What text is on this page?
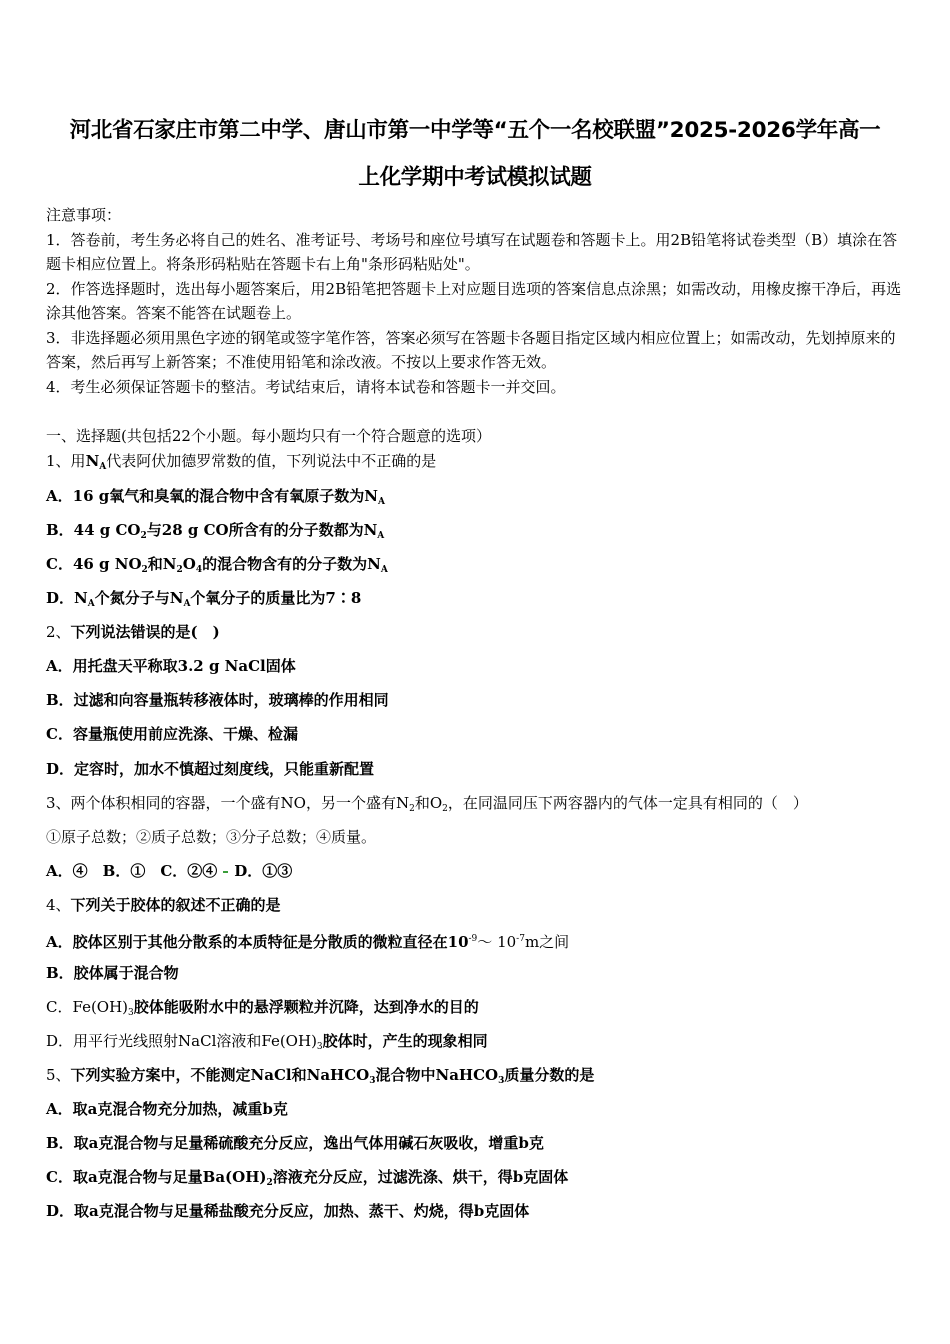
河北省石家庄市第二中学、唐山市第一中学等“五个一名校联盟”2025-2026学年高一
上化学期中考试模拟试题

注意事项：

1．答卷前，考生务必将自己的姓名、准考证号、考场号和座位号填写在试题卷和答题卡上。用2B铅笔将试卷类型（B）填涂在答题卡相应位置上。将条形码粘贴在答题卡右上角"条形码粘贴处"。

2．作答选择题时，选出每小题答案后，用2B铅笔把答题卡上对应题目选项的答案信息点涂黑；如需改动，用橡皮擦干净后，再选涂其他答案。答案不能答在试题卷上。

3．非选择题必须用黑色字迹的钢笔或签字笔作答，答案必须写在答题卡各题目指定区域内相应位置上；如需改动，先划掉原来的答案，然后再写上新答案；不准使用铅笔和涂改液。不按以上要求作答无效。

4．考生必须保证答题卡的整洁。考试结束后，请将本试卷和答题卡一并交回。

一、选择题(共包括22个小题。每小题均只有一个符合题意的选项）
1、用$N_A$代表阿伏加德罗常数的值，下列说法中不正确的是
A．16 g氧气和臭氧的混合物中含有氧原子数为$N_A$
B．44 g $CO_2$与28 g CO所含有的分子数都为$N_A$
C．46 g $NO_2$和$N_2O_4$的混合物含有的分子数为$N_A$
D．$N_A$个氮分子与$N_A$个氧分子的质量比为7∶8
2、下列说法错误的是(　)
A．用托盘天平称取3.2 g NaCl固体
B．过滤和向容量瓶转移液体时，玻璃棒的作用相同
C．容量瓶使用前应洗涤、干燥、检漏
D．定容时，加水不慎超过刻度线，只能重新配置
3、两个体积相同的容器，一个盛有NO，另一个盛有$N_2$和$O_2$，在同温同压下两容器内的气体一定具有相同的（　）
①原子总数；②质子总数；③分子总数；④质量。
A．④　B．①　C．②④ D．①③
4、下列关于胶体的叙述不正确的是
A．胶体区别于其他分散系的本质特征是分散质的微粒直径在$10^{-9}\sim$ $10^{-7}m$之间
B．胶体属于混合物
C．$Fe(OH)_3$胶体能吸附水中的悬浮颗粒并沉降，达到净水的目的
D．用平行光线照射NaCl溶液和$Fe(OH)_3$胶体时，产生的现象相同
5、下列实验方案中，不能测定NaCl和NaHCO$_3$混合物中NaHCO$_3$质量分数的是
A．取a克混合物充分加热，减重b克
B．取a克混合物与足量稀硫酸充分反应，逸出气体用碱石灰吸收，增重b克
C．取a克混合物与足量$Ba(OH)_2$溶液充分反应，过滤洗涤、烘干，得b克固体
D．取a克混合物与足量稀盐酸充分反应，加热、蒸干、灼烧，得b克固体
